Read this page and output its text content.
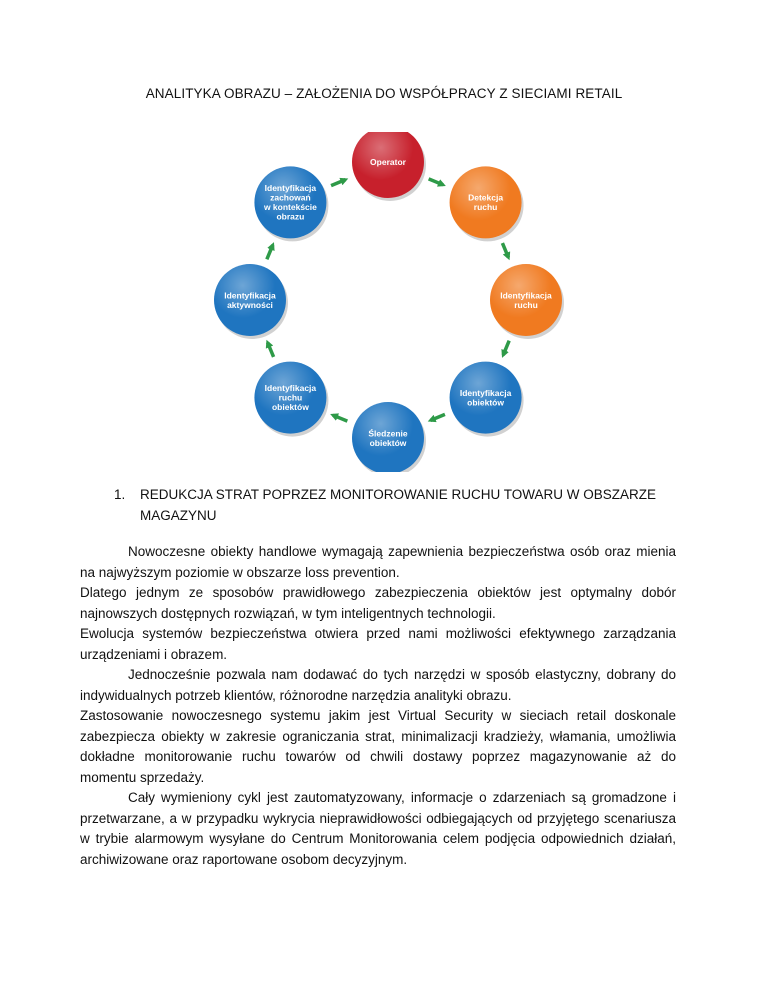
ANALITYKA OBRAZU – ZAŁOŻENIA DO WSPÓŁPRACY Z SIECIAMI RETAIL
Operator
Detekcja
ruchu
Identyfikacja
ruchu
Identyfikacja
obiektów
Śledzenie
obiektów
Identyfikacja
ruchu
obiektów
Identyfikacja
aktywności
Identyfikacja
zachowań
w kontekście
obrazu
1. REDUKCJA STRAT POPRZEZ MONITOROWANIE RUCHU TOWARU W OBSZARZE MAGAZYNU

Nowoczesne obiekty handlowe wymagają zapewnienia bezpieczeństwa osób oraz mienia na najwyższym poziomie w obszarze loss prevention.

Dlatego jednym ze sposobów prawidłowego zabezpieczenia obiektów jest optymalny dobór najnowszych dostępnych rozwiązań, w tym inteligentnych technologii.

Ewolucja systemów bezpieczeństwa otwiera przed nami możliwości efektywnego zarządzania urządzeniami i obrazem.

Jednocześnie pozwala nam dodawać do tych narzędzi w sposób elastyczny, dobrany do indywidualnych potrzeb klientów, różnorodne narzędzia analityki obrazu.

Zastosowanie nowoczesnego systemu jakim jest Virtual Security w sieciach retail doskonale zabezpiecza obiekty w zakresie ograniczania strat, minimalizacji kradzieży, włamania, umożliwia dokładne monitorowanie ruchu towarów od chwili dostawy poprzez magazynowanie aż do momentu sprzedaży.

Cały wymieniony cykl jest zautomatyzowany, informacje o zdarzeniach są gromadzone i przetwarzane, a w przypadku wykrycia nieprawidłowości odbiegających od przyjętego scenariusza w trybie alarmowym wysyłane do Centrum Monitorowania celem podjęcia odpowiednich działań, archiwizowane oraz raportowane osobom decyzyjnym.
